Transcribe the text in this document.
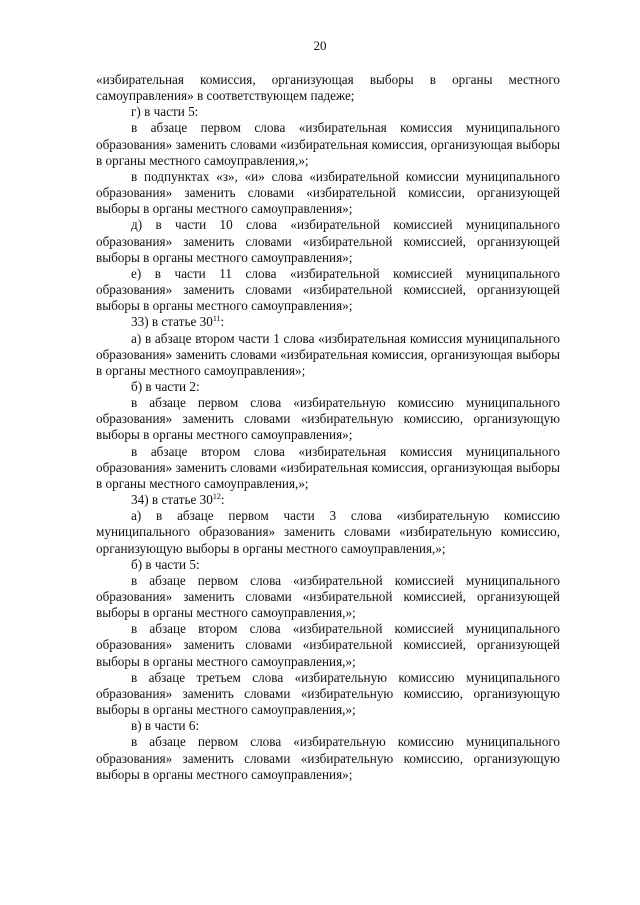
20

«избирательная комиссия, организующая выборы в органы местного самоуправления» в соответствующем падеже;

г) в части 5:

в абзаце первом слова «избирательная комиссия муниципального образования» заменить словами «избирательная комиссия, организующая выборы в органы местного самоуправления,»;

в подпунктах «з», «и» слова «избирательной комиссии муниципального образования» заменить словами «избирательной комиссии, организующей выборы в органы местного самоуправления»;

д) в части 10 слова «избирательной комиссией муниципального образования» заменить словами «избирательной комиссией, организующей выборы в органы местного самоуправления»;

е) в части 11 слова «избирательной комиссией муниципального образования» заменить словами «избирательной комиссией, организующей выборы в органы местного самоуправления»;

33) в статье $30^{11}$:

а) в абзаце втором части 1 слова «избирательная комиссия муниципального образования» заменить словами «избирательная комиссия, организующая выборы в органы местного самоуправления»;

б) в части 2:

в абзаце первом слова «избирательную комиссию муниципального образования» заменить словами «избирательную комиссию, организующую выборы в органы местного самоуправления»;

в абзаце втором слова «избирательная комиссия муниципального образования» заменить словами «избирательная комиссия, организующая выборы в органы местного самоуправления,»;

34) в статье $30^{12}$:

а) в абзаце первом части 3 слова «избирательную комиссию муниципального образования» заменить словами «избирательную комиссию, организующую выборы в органы местного самоуправления,»;

б) в части 5:

в абзаце первом слова «избирательной комиссией муниципального образования» заменить словами «избирательной комиссией, организующей выборы в органы местного самоуправления,»;

в абзаце втором слова «избирательной комиссией муниципального образования» заменить словами «избирательной комиссией, организующей выборы в органы местного самоуправления,»;

в абзаце третьем слова «избирательную комиссию муниципального образования» заменить словами «избирательную комиссию, организующую выборы в органы местного самоуправления,»;

в) в части 6:

в абзаце первом слова «избирательную комиссию муниципального образования» заменить словами «избирательную комиссию, организующую выборы в органы местного самоуправления»;
